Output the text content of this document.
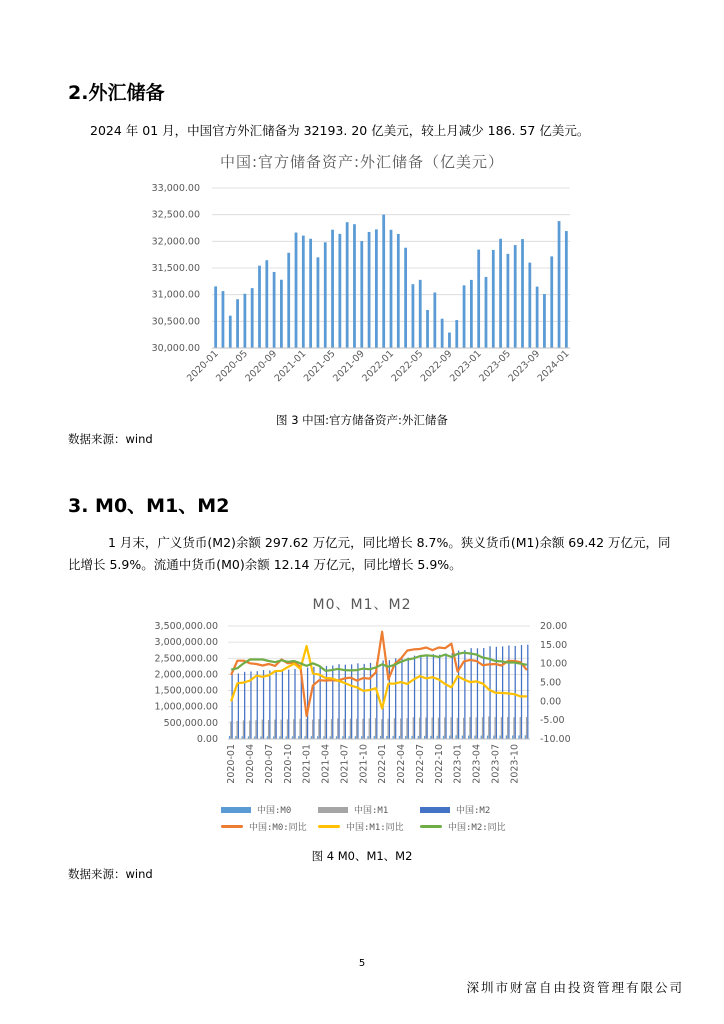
2.外汇储备
2024 年 01 月，中国官方外汇储备为 32193. 20 亿美元，较上月减少 186. 57 亿美元。
中国:官方储备资产:外汇储备（亿美元）
30,000.00
30,500.00
31,000.00
31,500.00
32,000.00
32,500.00
33,000.00
2020-01
2020-05
2020-09
2021-01
2021-05
2021-09
2022-01
2022-05
2022-09
2023-01
2023-05
2023-09
2024-01
图 3 中国:官方储备资产:外汇储备
数据来源：wind
3. M0、M1、M2
1 月末，广义货币(M2)余额 297.62 万亿元，同比增长 8.7%。狭义货币(M1)余额 69.42 万亿元，同
比增长 5.9%。流通中货币(M0)余额 12.14 万亿元，同比增长 5.9%。
M0、M1、M2
0.00
500,000.00
1,000,000.00
1,500,000.00
2,000,000.00
2,500,000.00
3,000,000.00
3,500,000.00
-10.00
-5.00
0.00
5.00
10.00
15.00
20.00
2020-01 2020-04 2020-07 2020-10 2021-01 2021-04 2021-07 2021-10 2022-01 2022-04 2022-07 2022-10 2023-01 2023-04 2023-07 2023-10
中国:M0	中国:M1	中国:M2
中国:M0:同比	中国:M1:同比	中国:M2:同比
图 4 M0、M1、M2
数据来源：wind
5
深圳市财富自由投资管理有限公司
